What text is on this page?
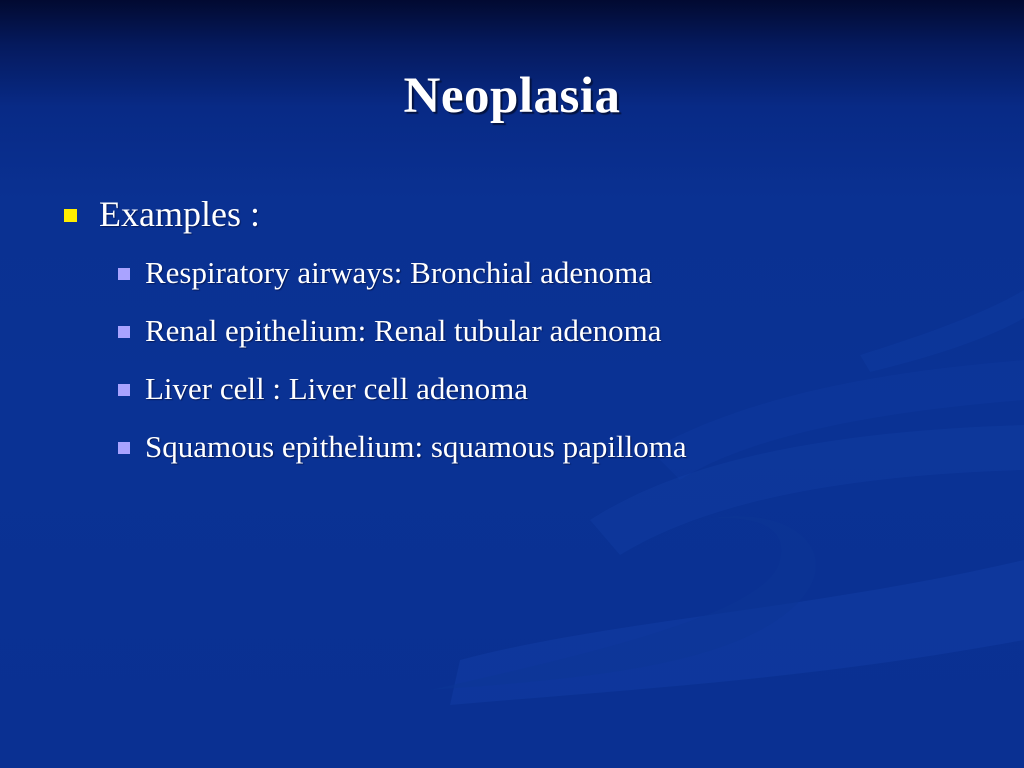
Neoplasia
Examples :
Respiratory airways: Bronchial adenoma
Renal epithelium: Renal tubular adenoma
Liver cell : Liver cell adenoma
Squamous epithelium: squamous papilloma
